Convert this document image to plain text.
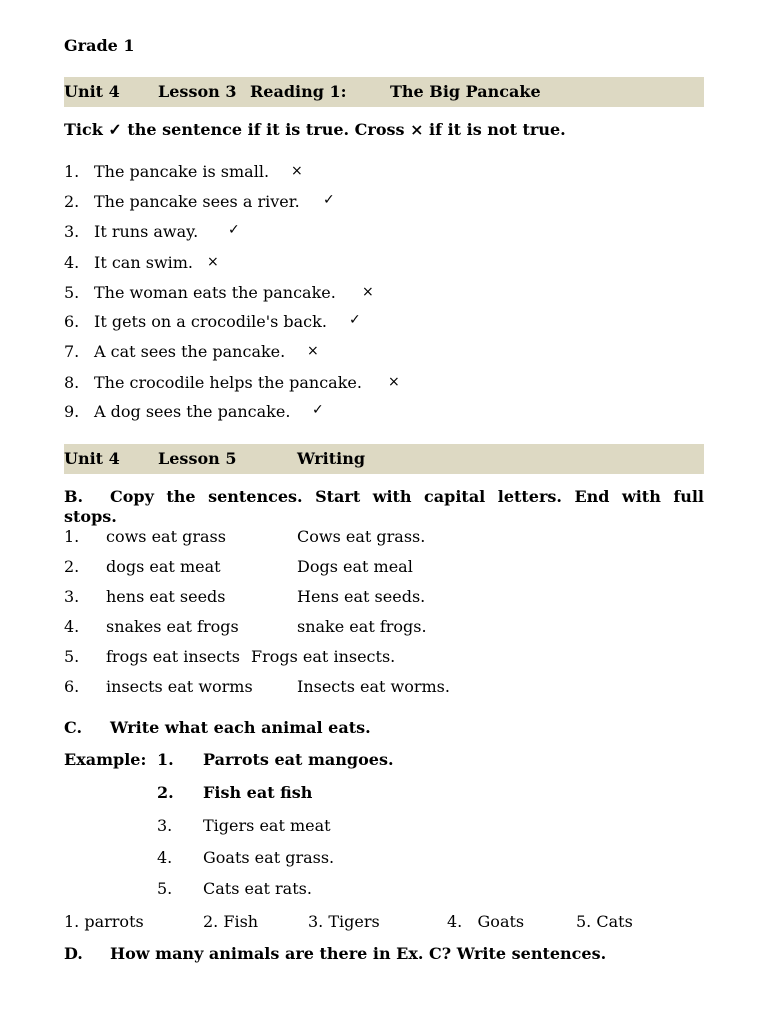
Grade 1
Unit 4 Lesson 3 Reading 1:	The Big Pancake
Tick ✓ the sentence if it is true. Cross × if it is not true.
1. The pancake is small. ×
2. The pancake sees a river. ✓
3. It runs away. ✓
4. It can swim. ×
5. The woman eats the pancake. ×
6. It gets on a crocodile's back. ✓
7. A cat sees the pancake. ×
8. The crocodile helps the pancake. ×
9. A dog sees the pancake. ✓
Unit 4 Lesson 5	Writing
B. Copy the sentences. Start with capital letters. End with full
stops.
1. cows eat grass	Cows eat grass.
2. dogs eat meat	Dogs eat meal
3. hens eat seeds	Hens eat seeds.
4. snakes eat frogs	snake eat frogs.
5. frogs eat insects Frogs eat insects.
6. insects eat worms	Insects eat worms.
C. Write what each animal eats.
Example: 1. Parrots eat mangoes.
2. Fish eat fish
3. Tigers eat meat
4. Goats eat grass.
5. Cats eat rats.
1. parrots	2. Fish	3. Tigers	4.   Goats	5. Cats
D. How many animals are there in Ex. C? Write sentences.
